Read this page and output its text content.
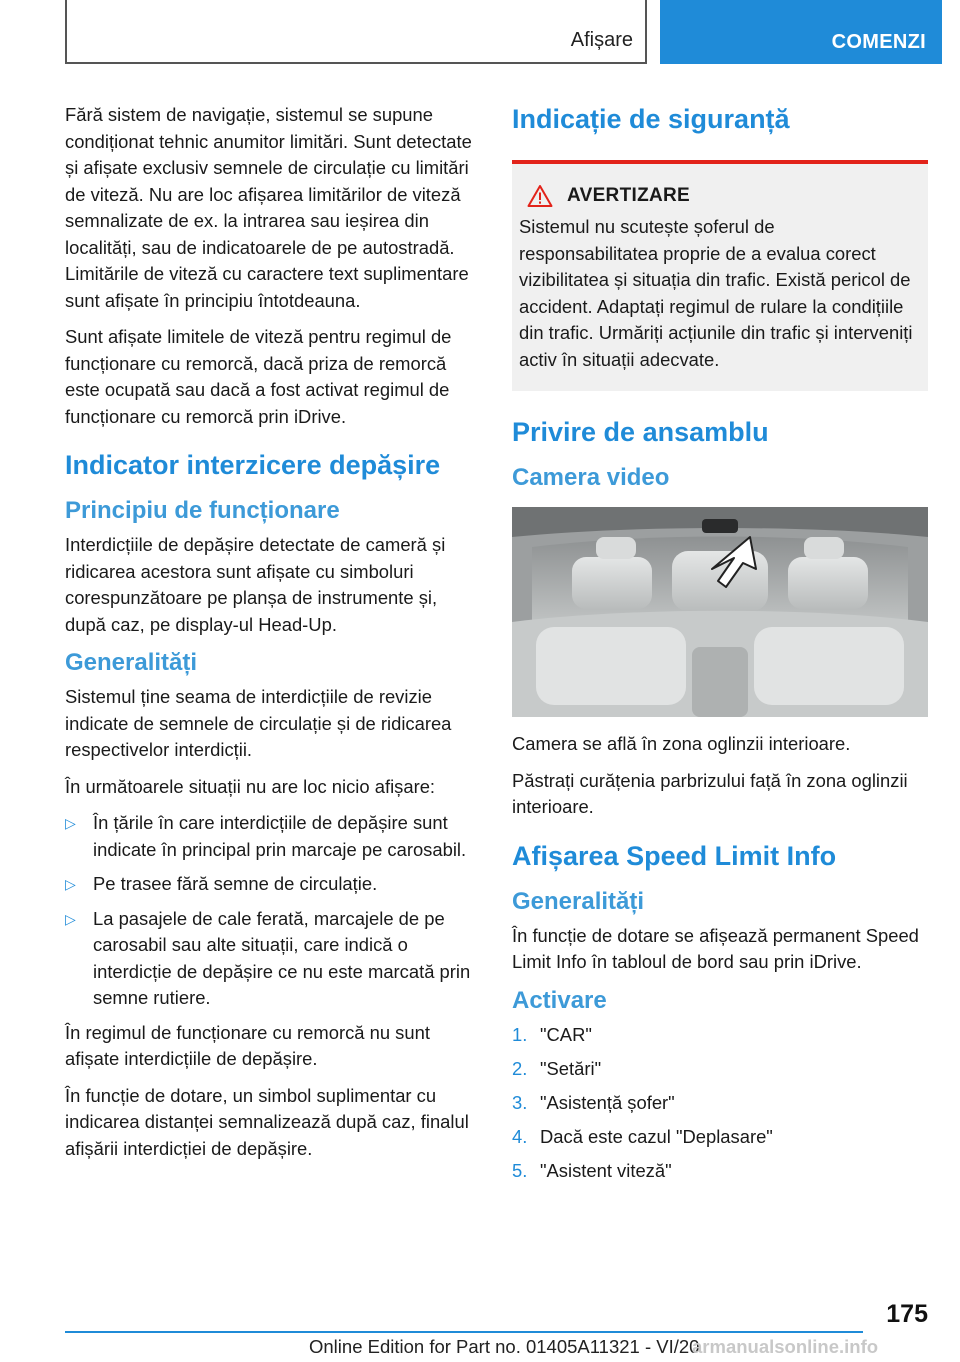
Afișare	COMENZI

Fără sistem de navigație, sistemul se supune condiționat tehnic anumitor limitări. Sunt detectate și afișate exclusiv semnele de circulație cu limitări de viteză. Nu are loc afișarea limitărilor de viteză semnalizate de ex. la intrarea sau ieșirea din localități, sau de indicatoarele de pe autostradă. Limitările de viteză cu caractere text suplimentare sunt afișate în principiu întotdeauna.

Sunt afișate limitele de viteză pentru regimul de funcționare cu remorcă, dacă priza de remorcă este ocupată sau dacă a fost activat regimul de funcționare cu remorcă prin iDrive.

Indicator interzicere depășire
Principiu de funcționare

Interdicțiile de depășire detectate de cameră și ridicarea acestora sunt afișate cu simboluri corespunzătoare pe planșa de instrumente și, după caz, pe display-ul Head-Up.

Generalități

Sistemul ține seama de interdicțiile de revizie indicate de semnele de circulație și de ridicarea respectivelor interdicții.

În următoarele situații nu are loc nicio afișare:

▷ În țările în care interdicțiile de depășire sunt indicate în principal prin marcaje pe carosabil.
▷ Pe trasee fără semne de circulație.
▷ La pasajele de cale ferată, marcajele de pe carosabil sau alte situații, care indică o interdicție de depășire ce nu este marcată prin semne rutiere.

În regimul de funcționare cu remorcă nu sunt afișate interdicțiile de depășire.

În funcție de dotare, un simbol suplimentar cu indicarea distanței semnalizează după caz, finalul afișării interdicției de depășire.

Indicație de siguranță
AVERTIZARE

Sistemul nu scutește șoferul de responsabilitatea proprie de a evalua corect vizibilitatea și situația din trafic. Există pericol de accident. Adaptați regimul de rulare la condițiile din trafic. Urmăriți acțiunile din trafic și interveniți activ în situații adecvate.

Privire de ansamblu
Camera video

Camera se află în zona oglinzii interioare.

Păstrați curățenia parbrizului față în zona oglinzii interioare.

Afișarea Speed Limit Info
Generalități

În funcție de dotare se afișează permanent Speed Limit Info în tabloul de bord sau prin iDrive.

Activare
1. "CAR"
2. "Setări"
3. "Asistență șofer"
4. Dacă este cazul "Deplasare"
5. "Asistent viteză"
175
Online Edition for Part no. 01405A11321 - VI/20
armanualsonline.info
